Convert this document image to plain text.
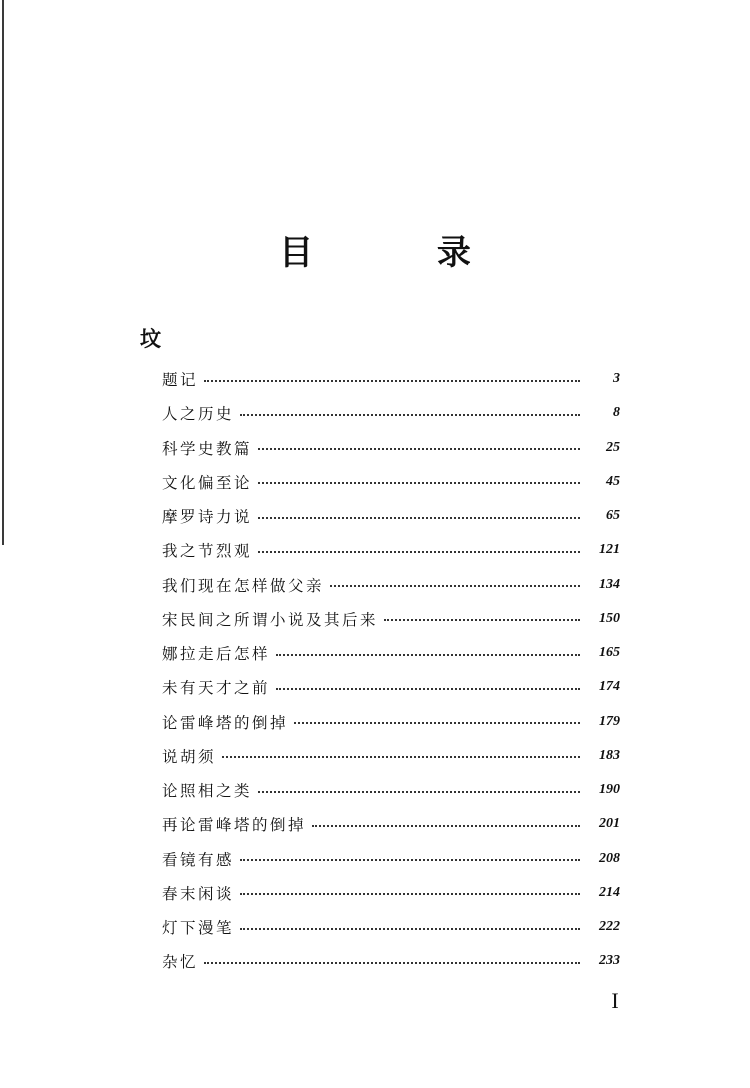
目 录
坟
题记	3
人之历史	8
科学史教篇	25
文化偏至论	45
摩罗诗力说	65
我之节烈观	121
我们现在怎样做父亲	134
宋民间之所谓小说及其后来	150
娜拉走后怎样	165
未有天才之前	174
论雷峰塔的倒掉	179
说胡须	183
论照相之类	190
再论雷峰塔的倒掉	201
看镜有感	208
春末闲谈	214
灯下漫笔	222
杂忆	233
I
